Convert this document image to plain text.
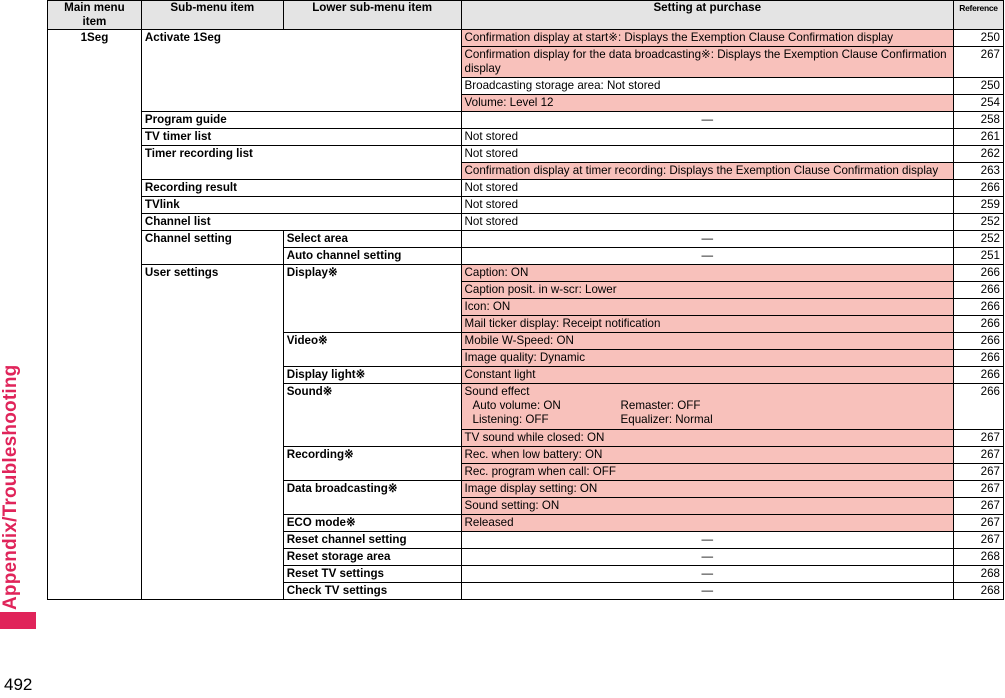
Appendix/Troubleshooting
492
Main menu item	Sub-menu item	Lower sub-menu item	Setting at purchase	Reference
1Seg	Activate 1Seg		Confirmation display at start※: Displays the Exemption Clause Confirmation display	250
			Confirmation display for the data broadcasting※: Displays the Exemption Clause Confirmation display	267
			Broadcasting storage area: Not stored	250
			Volume: Level 12	254
	Program guide		—	258
	TV timer list		Not stored	261
	Timer recording list		Not stored	262
			Confirmation display at timer recording: Displays the Exemption Clause Confirmation display	263
	Recording result		Not stored	266
	TVlink		Not stored	259
	Channel list		Not stored	252
	Channel setting	Select area	—	252
		Auto channel setting	—	251
	User settings	Display※	Caption: ON	266
			Caption posit. in w-scr: Lower	266
			Icon: ON	266
			Mail ticker display: Receipt notification	266
		Video※	Mobile W-Speed: ON	266
			Image quality: Dynamic	266
		Display light※	Constant light	266
		Sound※	Sound effect
Auto volume: ON Remaster: OFF
Listening: OFF Equalizer: Normal	266
			TV sound while closed: ON	267
		Recording※	Rec. when low battery: ON	267
			Rec. program when call: OFF	267
		Data broadcasting※	Image display setting: ON	267
			Sound setting: ON	267
		ECO mode※	Released	267
		Reset channel setting	—	267
		Reset storage area	—	268
		Reset TV settings	—	268
		Check TV settings	—	268
